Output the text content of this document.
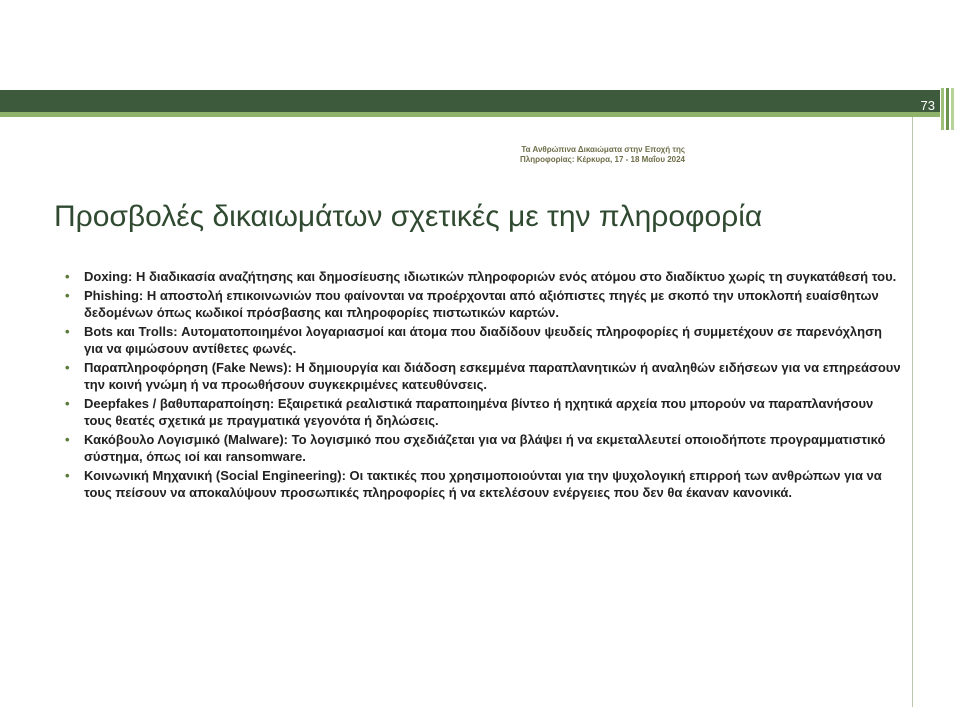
73
Τα Ανθρώπινα Δικαιώματα στην Εποχή της Πληροφορίας: Κέρκυρα, 17 - 18 Μαΐου 2024
Προσβολές δικαιωμάτων σχετικές με την πληροφορία
• Doxing: Η διαδικασία αναζήτησης και δημοσίευσης ιδιωτικών πληροφοριών ενός ατόμου στο διαδίκτυο χωρίς τη συγκατάθεσή του.
• Phishing: Η αποστολή επικοινωνιών που φαίνονται να προέρχονται από αξιόπιστες πηγές με σκοπό την υποκλοπή ευαίσθητων δεδομένων όπως κωδικοί πρόσβασης και πληροφορίες πιστωτικών καρτών.
• Bots και Trolls: Αυτοματοποιημένοι λογαριασμοί και άτομα που διαδίδουν ψευδείς πληροφορίες ή συμμετέχουν σε παρενόχληση για να φιμώσουν αντίθετες φωνές.
• Παραπληροφόρηση (Fake News): Η δημιουργία και διάδοση εσκεμμένα παραπλανητικών ή αναληθών ειδήσεων για να επηρεάσουν την κοινή γνώμη ή να προωθήσουν συγκεκριμένες κατευθύνσεις.
• Deepfakes / βαθυπαραποίηση: Εξαιρετικά ρεαλιστικά παραποιημένα βίντεο ή ηχητικά αρχεία που μπορούν να παραπλανήσουν τους θεατές σχετικά με πραγματικά γεγονότα ή δηλώσεις.
• Κακόβουλο Λογισμικό (Malware): Το λογισμικό που σχεδιάζεται για να βλάψει ή να εκμεταλλευτεί οποιοδήποτε προγραμματιστικό σύστημα, όπως ιοί και ransomware.
• Κοινωνική Μηχανική (Social Engineering): Οι τακτικές που χρησιμοποιούνται για την ψυχολογική επιρροή των ανθρώπων για να τους πείσουν να αποκαλύψουν προσωπικές πληροφορίες ή να εκτελέσουν ενέργειες που δεν θα έκαναν κανονικά.
